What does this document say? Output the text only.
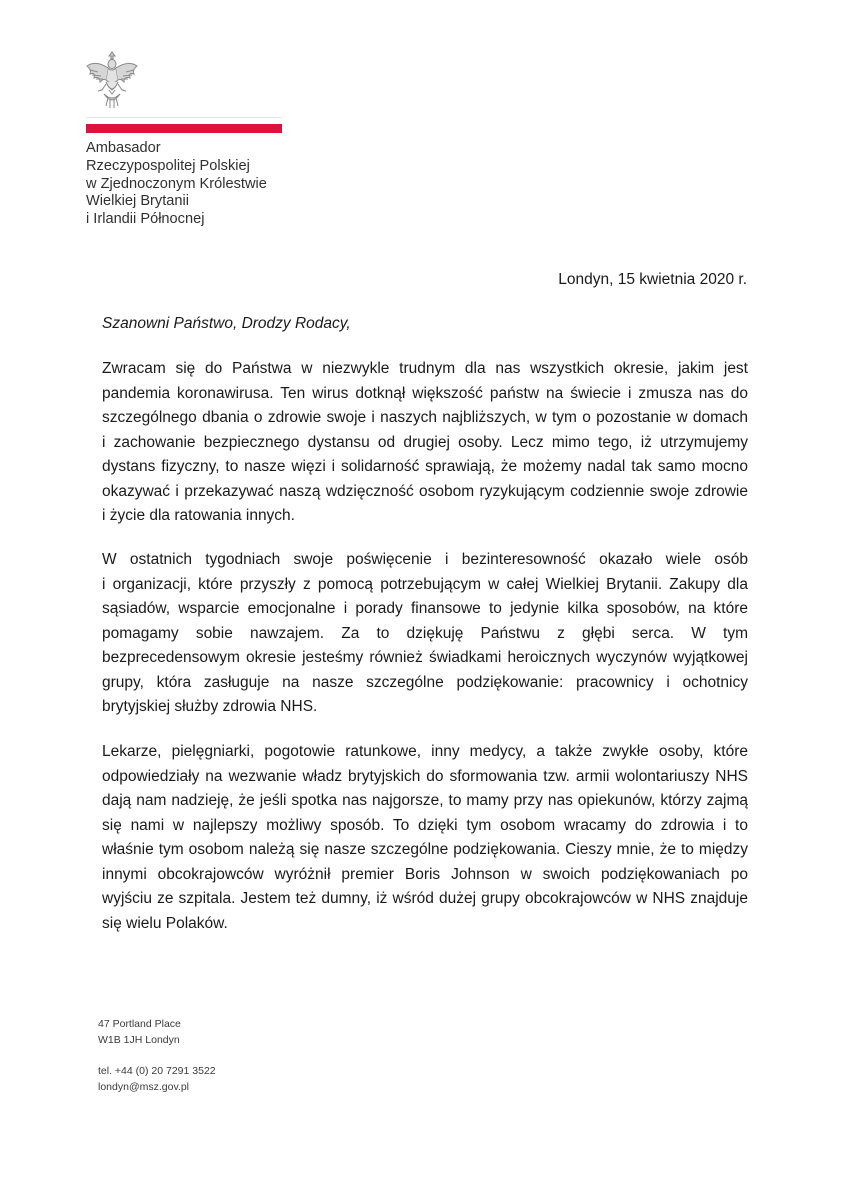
Ambasador
Rzeczypospolitej Polskiej
w Zjednoczonym Królestwie
Wielkiej Brytanii
i Irlandii Północnej
Londyn, 15 kwietnia 2020 r.
Szanowni Państwo, Drodzy Rodacy,
Zwracam się do Państwa w niezwykle trudnym dla nas wszystkich okresie, jakim jest
pandemia koronawirusa. Ten wirus dotknął większość państw na świecie i zmusza nas do
szczególnego dbania o zdrowie swoje i naszych najbliższych, w tym o pozostanie w domach
i zachowanie bezpiecznego dystansu od drugiej osoby. Lecz mimo tego, iż utrzymujemy
dystans fizyczny, to nasze więzi i solidarność sprawiają, że możemy nadal tak samo mocno
okazywać i przekazywać naszą wdzięczność osobom ryzykującym codziennie swoje zdrowie
i życie dla ratowania innych.
W ostatnich tygodniach swoje poświęcenie i bezinteresowność okazało wiele osób
i organizacji, które przyszły z pomocą potrzebującym w całej Wielkiej Brytanii. Zakupy dla
sąsiadów, wsparcie emocjonalne i porady finansowe to jedynie kilka sposobów, na które
pomagamy sobie nawzajem. Za to dziękuję Państwu z głębi serca. W tym
bezprecedensowym okresie jesteśmy również świadkami heroicznych wyczynów wyjątkowej
grupy, która zasługuje na nasze szczególne podziękowanie: pracownicy i ochotnicy
brytyjskiej służby zdrowia NHS.
Lekarze, pielęgniarki, pogotowie ratunkowe, inny medycy, a także zwykłe osoby, które
odpowiedziały na wezwanie władz brytyjskich do sformowania tzw. armii wolontariuszy NHS
dają nam nadzieję, że jeśli spotka nas najgorsze, to mamy przy nas opiekunów, którzy zajmą
się nami w najlepszy możliwy sposób. To dzięki tym osobom wracamy do zdrowia i to
właśnie tym osobom należą się nasze szczególne podziękowania. Cieszy mnie, że to między
innymi obcokrajowców wyróżnił premier Boris Johnson w swoich podziękowaniach po
wyjściu ze szpitala. Jestem też dumny, iż wśród dużej grupy obcokrajowców w NHS znajduje
się wielu Polaków.
47 Portland Place
W1B 1JH Londyn
tel. +44 (0) 20 7291 3522
londyn@msz.gov.pl
